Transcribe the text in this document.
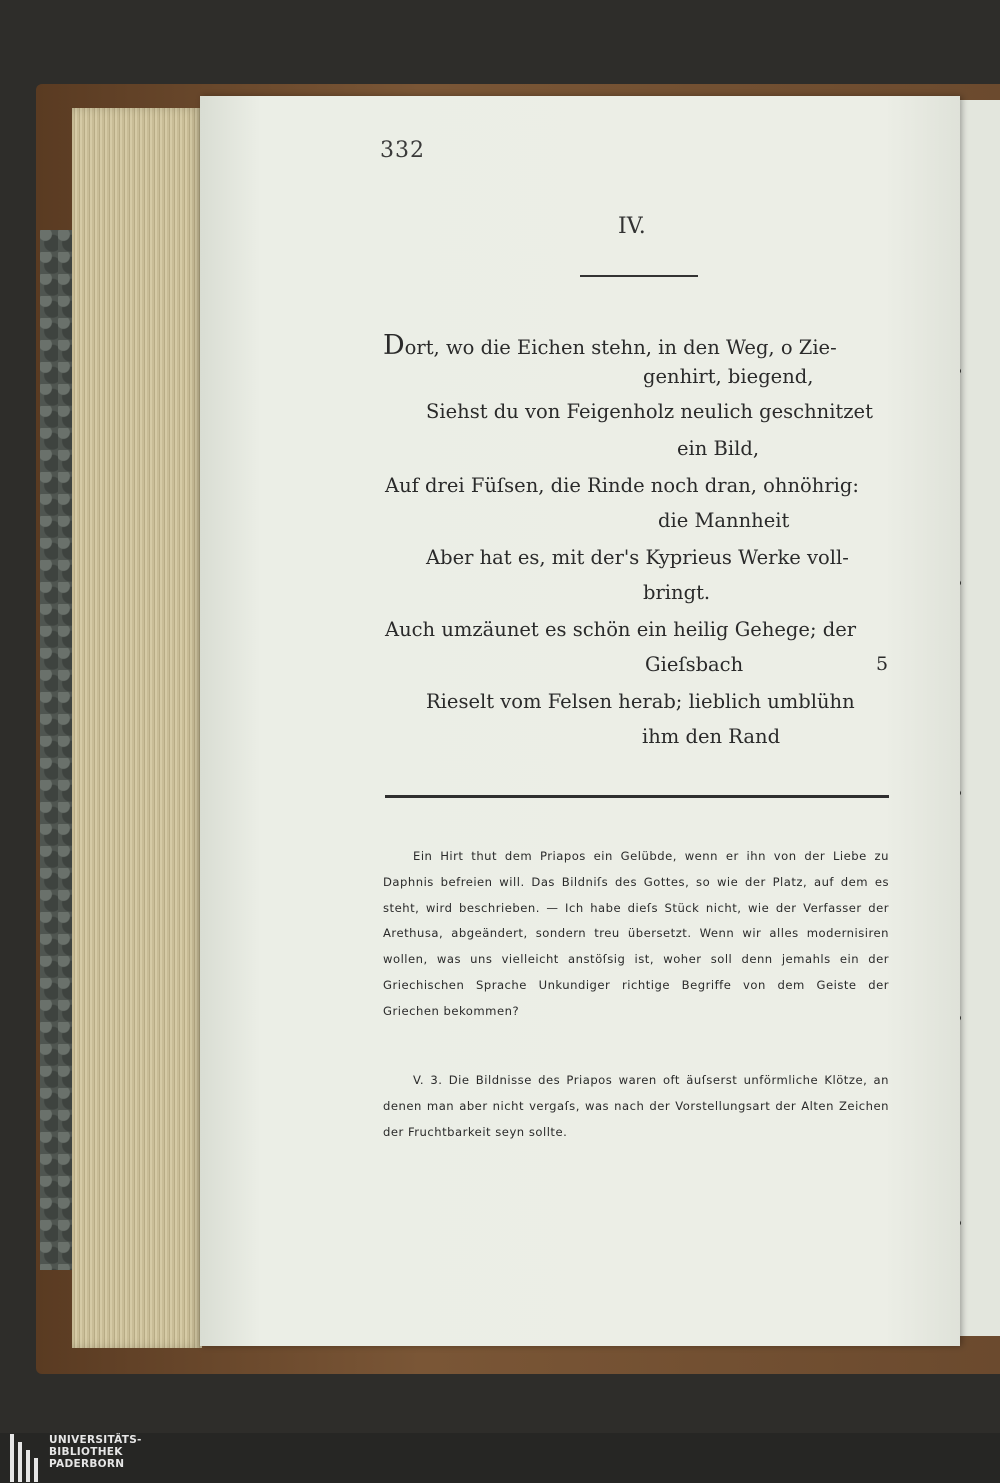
332
IV.
Dort, wo die Eichen stehn, in den Weg, o Zie-
genhirt, biegend,
Siehst du von Feigenholz neulich geschnitzet
ein Bild,
Auf drei Füſsen, die Rinde noch dran, ohnöhrig:
die Mannheit
Aber hat es, mit der's Kyprieus Werke voll-
bringt.
Auch umzäunet es schön ein heilig Gehege; der
Gieſsbach	5
Rieselt vom Felsen herab; lieblich umblühn
ihm den Rand

Ein Hirt thut dem Priapos ein Gelübde, wenn er ihn von der Liebe zu Daphnis befreien will. Das Bildniſs des Gottes, so wie der Platz, auf dem es steht, wird beschrieben. — Ich habe dieſs Stück nicht, wie der Verfasser der Arethusa, abgeändert, sondern treu übersetzt. Wenn wir alles modernisiren wollen, was uns vielleicht anstöſsig ist, woher soll denn jemahls ein der Griechischen Sprache Unkundiger richtige Begriffe von dem Geiste der Griechen bekommen?

V. 3. Die Bildnisse des Priapos waren oft äuſserst unförmliche Klötze, an denen man aber nicht vergaſs, was nach der Vorstellungsart der Alten Zeichen der Fruchtbarkeit seyn sollte.

UNIVERSITÄTS-
BIBLIOTHEK
PADERBORN
